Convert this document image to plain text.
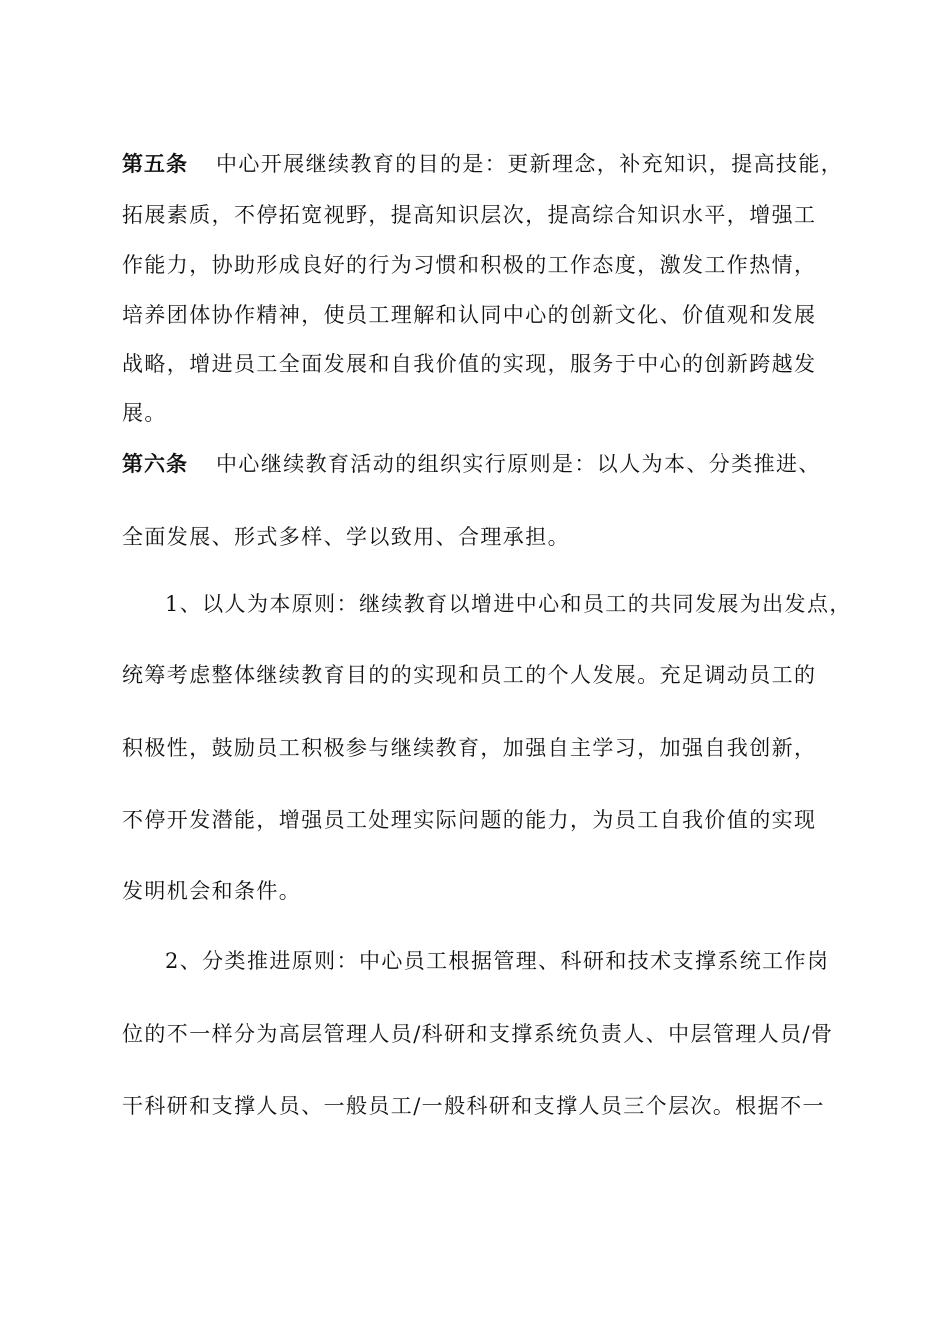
第五条 中心开展继续教育的目的是：更新理念，补充知识，提高技能，
拓展素质，不停拓宽视野，提高知识层次，提高综合知识水平，增强工
作能力，协助形成良好的行为习惯和积极的工作态度，激发工作热情，
培养团体协作精神，使员工理解和认同中心的创新文化、价值观和发展
战略，增进员工全面发展和自我价值的实现，服务于中心的创新跨越发
展。
第六条 中心继续教育活动的组织实行原则是：以人为本、分类推进、
全面发展、形式多样、学以致用、合理承担。
1、以人为本原则：继续教育以增进中心和员工的共同发展为出发点，
统筹考虑整体继续教育目的的实现和员工的个人发展。充足调动员工的
积极性，鼓励员工积极参与继续教育，加强自主学习，加强自我创新，
不停开发潜能，增强员工处理实际问题的能力，为员工自我价值的实现
发明机会和条件。
2、分类推进原则：中心员工根据管理、科研和技术支撑系统工作岗
位的不一样分为高层管理人员/科研和支撑系统负责人、中层管理人员/骨
干科研和支撑人员、一般员工/一般科研和支撑人员三个层次。根据不一
